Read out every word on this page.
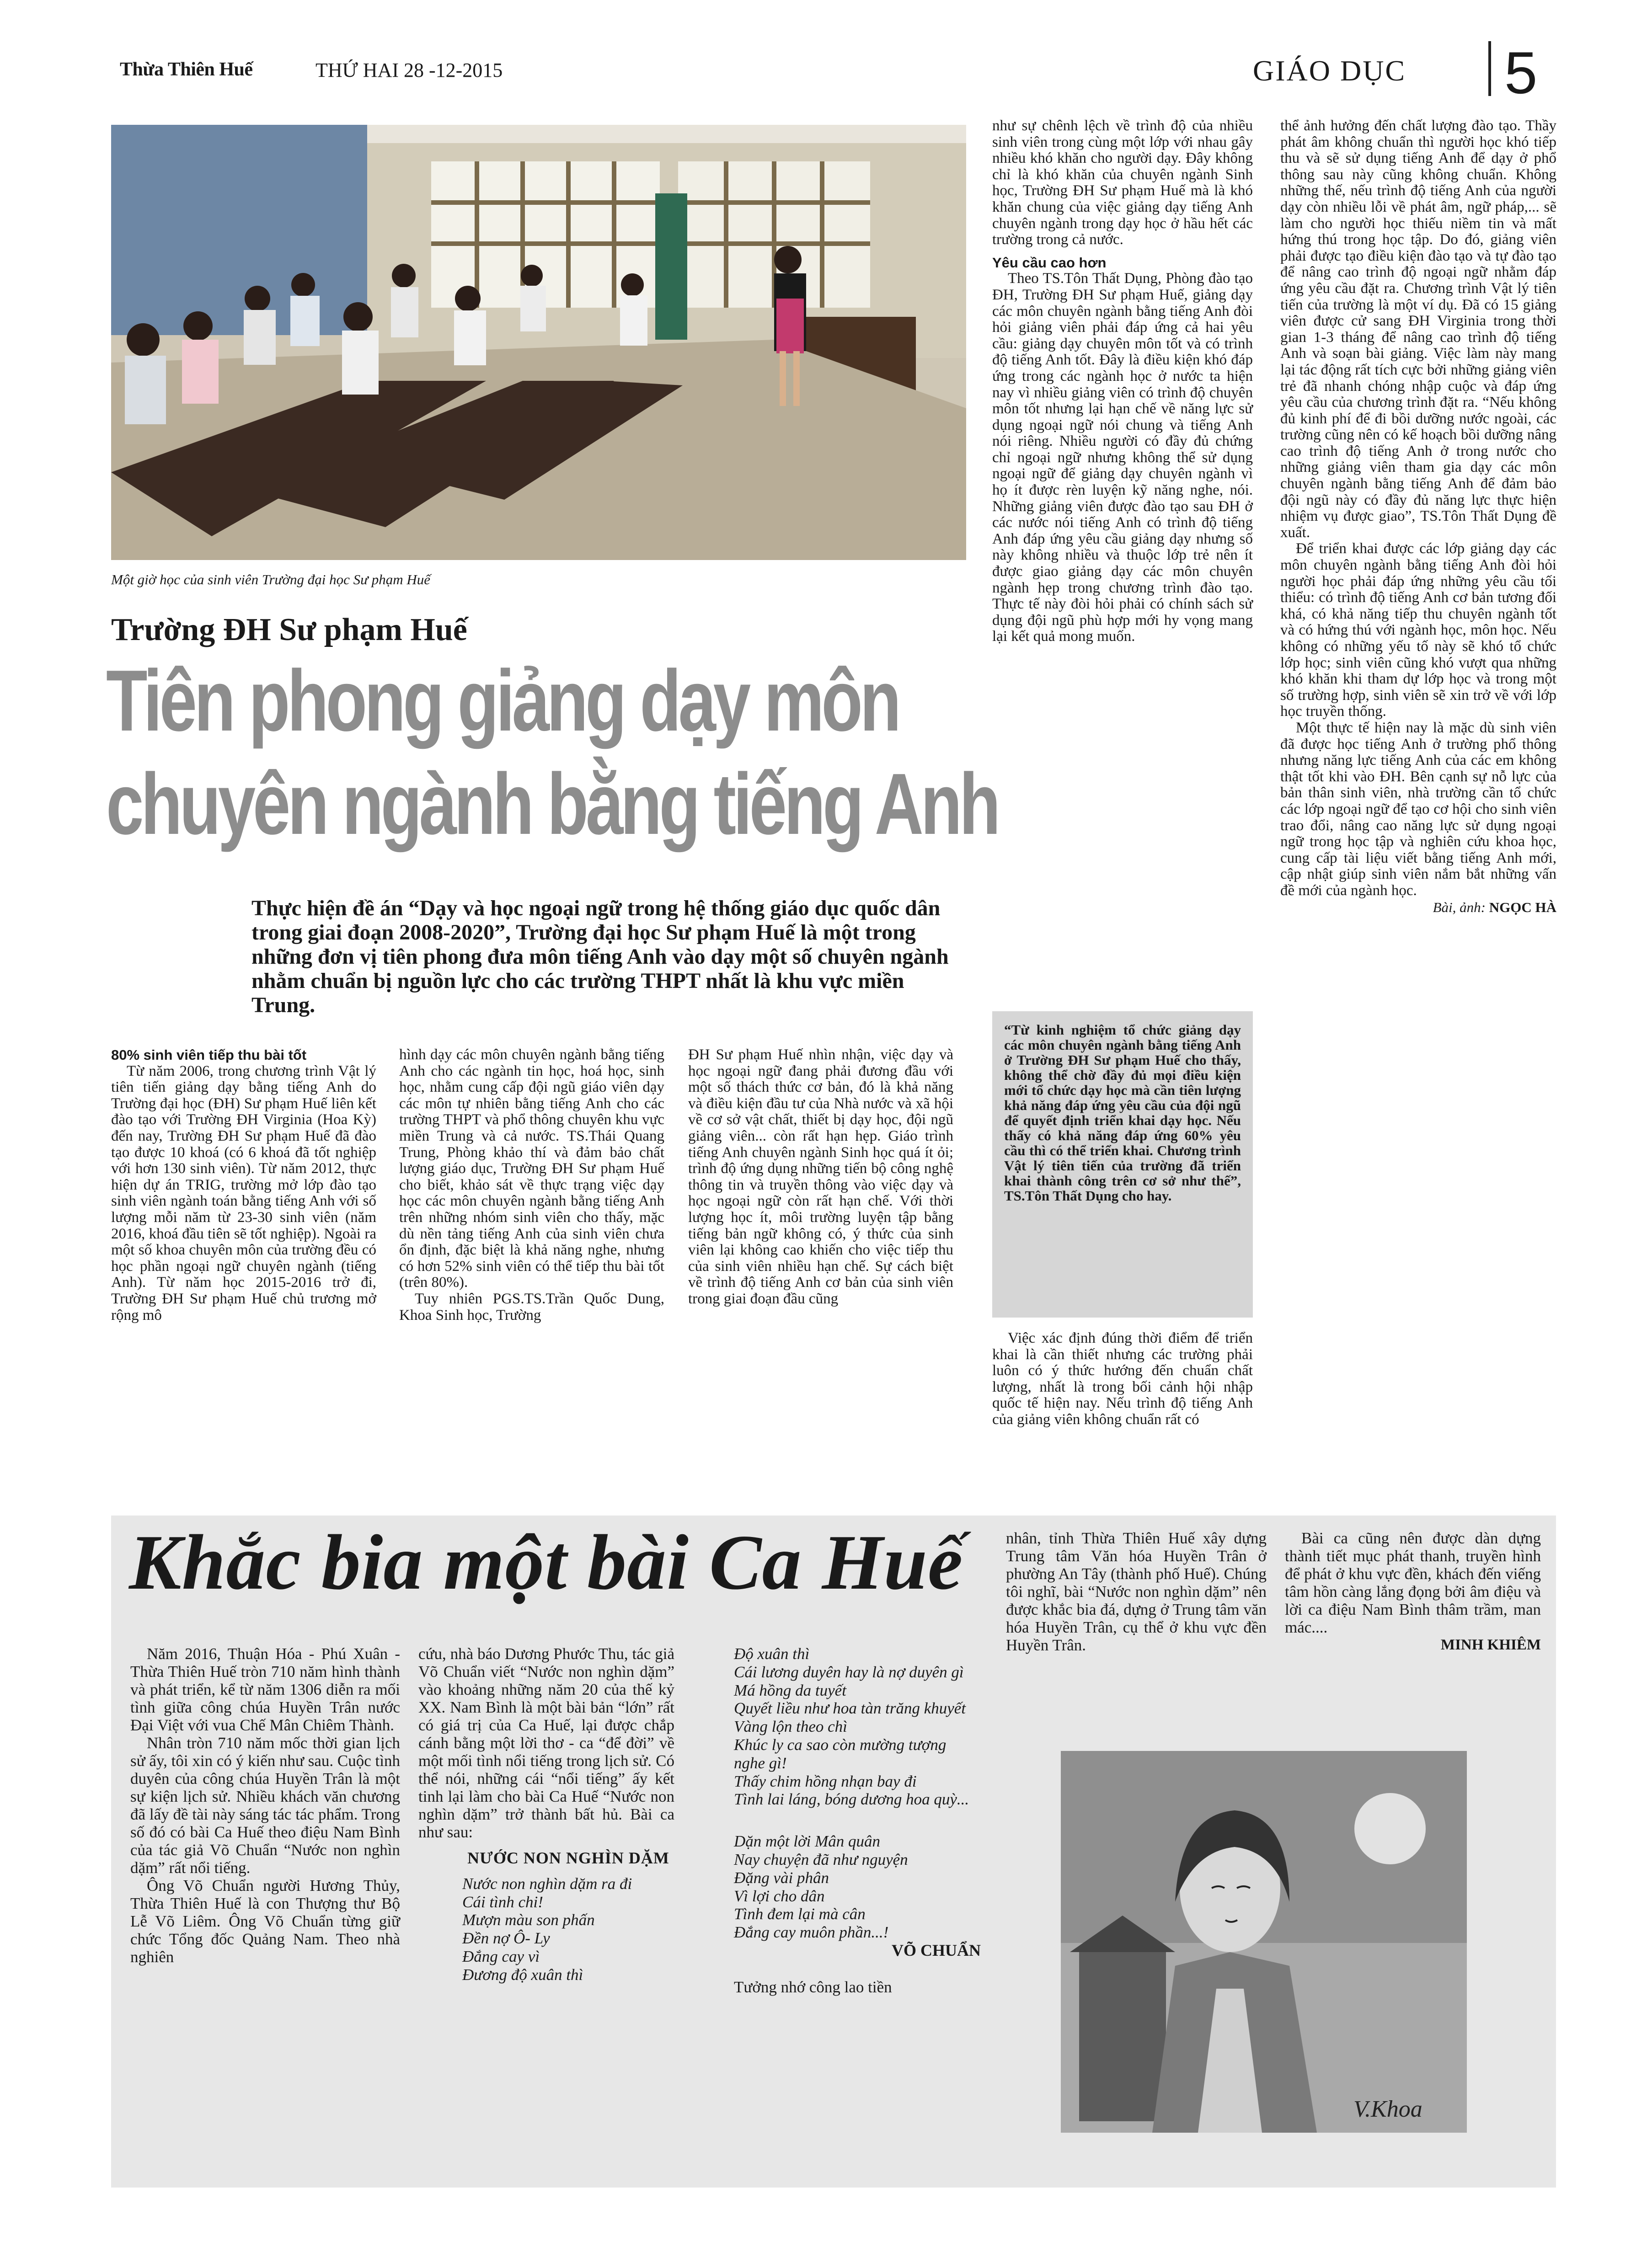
Thừa Thiên Huế	THỨ HAI 28 -12-2015	GIÁO DỤC 5
Một giờ học của sinh viên Trường đại học Sư phạm Huế
Trường ĐH Sư phạm Huế
Tiên phong giảng dạy môn
chuyên ngành bằng tiếng Anh
Thực hiện đề án “Dạy và học ngoại ngữ trong hệ thống giáo dục quốc dân trong giai đoạn 2008-2020”, Trường đại học Sư phạm Huế là một trong những đơn vị tiên phong đưa môn tiếng Anh vào dạy một số chuyên ngành nhằm chuẩn bị nguồn lực cho các trường THPT nhất là khu vực miền Trung.

80% sinh viên tiếp thu bài tốt

Từ năm 2006, trong chương trình Vật lý tiên tiến giảng dạy bằng tiếng Anh do Trường đại học (ĐH) Sư phạm Huế liên kết đào tạo với Trường ĐH Virginia (Hoa Kỳ) đến nay, Trường ĐH Sư phạm Huế đã đào tạo được 10 khoá (có 6 khoá đã tốt nghiệp với hơn 130 sinh viên). Từ năm 2012, thực hiện dự án TRIG, trường mở lớp đào tạo sinh viên ngành toán bằng tiếng Anh với số lượng mỗi năm từ 23-30 sinh viên (năm 2016, khoá đầu tiên sẽ tốt nghiệp). Ngoài ra một số khoa chuyên môn của trường đều có học phần ngoại ngữ chuyên ngành (tiếng Anh). Từ năm học 2015-2016 trở đi, Trường ĐH Sư phạm Huế chủ trương mở rộng mô

hình dạy các môn chuyên ngành bằng tiếng Anh cho các ngành tin học, hoá học, sinh học, nhằm cung cấp đội ngũ giáo viên dạy các môn tự nhiên bằng tiếng Anh cho các trường THPT và phổ thông chuyên khu vực miền Trung và cả nước. TS.Thái Quang Trung, Phòng khảo thí và đảm bảo chất lượng giáo dục, Trường ĐH Sư phạm Huế cho biết, khảo sát về thực trạng việc dạy học các môn chuyên ngành bằng tiếng Anh trên những nhóm sinh viên cho thấy, mặc dù nền tảng tiếng Anh của sinh viên chưa ổn định, đặc biệt là khả năng nghe, nhưng có hơn 52% sinh viên có thể tiếp thu bài tốt (trên 80%).

Tuy nhiên PGS.TS.Trần Quốc Dung, Khoa Sinh học, Trường

ĐH Sư phạm Huế nhìn nhận, việc dạy và học ngoại ngữ đang phải đương đầu với một số thách thức cơ bản, đó là khả năng và điều kiện đầu tư của Nhà nước và xã hội về cơ sở vật chất, thiết bị dạy học, đội ngũ giảng viên... còn rất hạn hẹp. Giáo trình tiếng Anh chuyên ngành Sinh học quá ít ỏi; trình độ ứng dụng những tiến bộ công nghệ thông tin và truyền thông vào việc dạy và học ngoại ngữ còn rất hạn chế. Với thời lượng học ít, môi trường luyện tập bằng tiếng bản ngữ không có, ý thức của sinh viên lại không cao khiến cho việc tiếp thu của sinh viên nhiều hạn chế. Sự cách biệt về trình độ tiếng Anh cơ bản của sinh viên trong giai đoạn đầu cũng

như sự chênh lệch về trình độ của nhiều sinh viên trong cùng một lớp với nhau gây nhiều khó khăn cho người dạy. Đây không chỉ là khó khăn của chuyên ngành Sinh học, Trường ĐH Sư phạm Huế mà là khó khăn chung của việc giảng dạy tiếng Anh chuyên ngành trong dạy học ở hầu hết các trường trong cả nước.

Yêu cầu cao hơn

Theo TS.Tôn Thất Dụng, Phòng đào tạo ĐH, Trường ĐH Sư phạm Huế, giảng dạy các môn chuyên ngành bằng tiếng Anh đòi hỏi giảng viên phải đáp ứng cả hai yêu cầu: giảng dạy chuyên môn tốt và có trình độ tiếng Anh tốt. Đây là điều kiện khó đáp ứng trong các ngành học ở nước ta hiện nay vì nhiều giảng viên có trình độ chuyên môn tốt nhưng lại hạn chế về năng lực sử dụng ngoại ngữ nói chung và tiếng Anh nói riêng. Nhiều người có đầy đủ chứng chỉ ngoại ngữ nhưng không thể sử dụng ngoại ngữ để giảng dạy chuyên ngành vì họ ít được rèn luyện kỹ năng nghe, nói. Những giảng viên được đào tạo sau ĐH ở các nước nói tiếng Anh có trình độ tiếng Anh đáp ứng yêu cầu giảng dạy nhưng số này không nhiều và thuộc lớp trẻ nên ít được giao giảng dạy các môn chuyên ngành hẹp trong chương trình đào tạo. Thực tế này đòi hỏi phải có chính sách sử dụng đội ngũ phù hợp mới hy vọng mang lại kết quả mong muốn.

“Từ kinh nghiệm tổ chức giảng dạy các môn chuyên ngành bằng tiếng Anh ở Trường ĐH Sư phạm Huế cho thấy, không thể chờ đầy đủ mọi điều kiện mới tổ chức dạy học mà cần tiên lượng khả năng đáp ứng yêu cầu của đội ngũ để quyết định triển khai dạy học. Nếu thấy có khả năng đáp ứng 60% yêu cầu thì có thể triển khai. Chương trình Vật lý tiên tiến của trường đã triển khai thành công trên cơ sở như thế”, TS.Tôn Thất Dụng cho hay.

Việc xác định đúng thời điểm để triển khai là cần thiết nhưng các trường phải luôn có ý thức hướng đến chuẩn chất lượng, nhất là trong bối cảnh hội nhập quốc tế hiện nay. Nếu trình độ tiếng Anh của giảng viên không chuẩn rất có

thể ảnh hưởng đến chất lượng đào tạo. Thầy phát âm không chuẩn thì người học khó tiếp thu và sẽ sử dụng tiếng Anh để dạy ở phổ thông sau này cũng không chuẩn. Không những thế, nếu trình độ tiếng Anh của người dạy còn nhiều lỗi về phát âm, ngữ pháp,... sẽ làm cho người học thiếu niềm tin và mất hứng thú trong học tập. Do đó, giảng viên phải được tạo điều kiện đào tạo và tự đào tạo để nâng cao trình độ ngoại ngữ nhằm đáp ứng yêu cầu đặt ra. Chương trình Vật lý tiên tiến của trường là một ví dụ. Đã có 15 giảng viên được cử sang ĐH Virginia trong thời gian 1-3 tháng để nâng cao trình độ tiếng Anh và soạn bài giảng. Việc làm này mang lại tác động rất tích cực bởi những giảng viên trẻ đã nhanh chóng nhập cuộc và đáp ứng yêu cầu của chương trình đặt ra. “Nếu không đủ kinh phí để đi bồi dưỡng nước ngoài, các trường cũng nên có kế hoạch bồi dưỡng nâng cao trình độ tiếng Anh ở trong nước cho những giảng viên tham gia dạy các môn chuyên ngành bằng tiếng Anh để đảm bảo đội ngũ này có đầy đủ năng lực thực hiện nhiệm vụ được giao”, TS.Tôn Thất Dụng đề xuất.

Để triển khai được các lớp giảng dạy các môn chuyên ngành bằng tiếng Anh đòi hỏi người học phải đáp ứng những yêu cầu tối thiểu: có trình độ tiếng Anh cơ bản tương đối khá, có khả năng tiếp thu chuyên ngành tốt và có hứng thú với ngành học, môn học. Nếu không có những yếu tố này sẽ khó tổ chức lớp học; sinh viên cũng khó vượt qua những khó khăn khi tham dự lớp học và trong một số trường hợp, sinh viên sẽ xin trở về với lớp học truyền thống.

Một thực tế hiện nay là mặc dù sinh viên đã được học tiếng Anh ở trường phổ thông nhưng năng lực tiếng Anh của các em không thật tốt khi vào ĐH. Bên cạnh sự nỗ lực của bản thân sinh viên, nhà trường cần tổ chức các lớp ngoại ngữ để tạo cơ hội cho sinh viên trao đổi, nâng cao năng lực sử dụng ngoại ngữ trong học tập và nghiên cứu khoa học, cung cấp tài liệu viết bằng tiếng Anh mới, cập nhật giúp sinh viên nắm bắt những vấn đề mới của ngành học.

Bài, ảnh: NGỌC HÀ
Khắc bia một bài Ca Huế

Năm 2016, Thuận Hóa - Phú Xuân - Thừa Thiên Huế tròn 710 năm hình thành và phát triển, kể từ năm 1306 diễn ra mối tình giữa công chúa Huyền Trân nước Đại Việt với vua Chế Mân Chiêm Thành.

Nhân tròn 710 năm mốc thời gian lịch sử ấy, tôi xin có ý kiến như sau. Cuộc tình duyên của công chúa Huyền Trân là một sự kiện lịch sử. Nhiều khách văn chương đã lấy đề tài này sáng tác tác phẩm. Trong số đó có bài Ca Huế theo điệu Nam Bình của tác giả Võ Chuẩn “Nước non nghìn dặm” rất nổi tiếng.

Ông Võ Chuẩn người Hương Thủy, Thừa Thiên Huế là con Thượng thư Bộ Lễ Võ Liêm. Ông Võ Chuẩn từng giữ chức Tổng đốc Quảng Nam. Theo nhà nghiên

cứu, nhà báo Dương Phước Thu, tác giả Võ Chuẩn viết “Nước non nghìn dặm” vào khoảng những năm 20 của thế kỷ XX. Nam Bình là một bài bản “lớn” rất có giá trị của Ca Huế, lại được chắp cánh bằng một lời thơ - ca “để đời” về một mối tình nổi tiếng trong lịch sử. Có thể nói, những cái “nổi tiếng” ấy kết tinh lại làm cho bài Ca Huế “Nước non nghìn dặm” trở thành bất hủ. Bài ca như sau:

NƯỚC NON NGHÌN DẶM

Nước non nghìn dặm ra đi

Cái tình chi!

Mượn màu son phấn

Đền nợ Ô- Ly

Đắng cay vì

Đương độ xuân thì

Độ xuân thì

Cái lương duyên hay là nợ duyên gì

Má hồng da tuyết

Quyết liều như hoa tàn trăng khuyết

Vàng lộn theo chì

Khúc ly ca sao còn mường tượng nghe gì!

Thấy chim hồng nhạn bay đi

Tình lai láng, bóng dương hoa quỳ...

Dặn một lời Mân quân

Nay chuyện đã như nguyện

Đặng vài phân

Vì lợi cho dân

Tình đem lại mà cân

Đắng cay muôn phần...!

VÕ CHUẨN

Tưởng nhớ công lao tiền

nhân, tỉnh Thừa Thiên Huế xây dựng Trung tâm Văn hóa Huyền Trân ở phường An Tây (thành phố Huế). Chúng tôi nghĩ, bài “Nước non nghìn dặm” nên được khắc bia đá, dựng ở Trung tâm văn hóa Huyền Trân, cụ thể ở khu vực đền Huyền Trân.

Bài ca cũng nên được dàn dựng thành tiết mục phát thanh, truyền hình để phát ở khu vực đền, khách đến viếng tâm hồn càng lắng đọng bởi âm điệu và lời ca điệu Nam Bình thâm trầm, man mác....

MINH KHIÊM

V.Khoa
